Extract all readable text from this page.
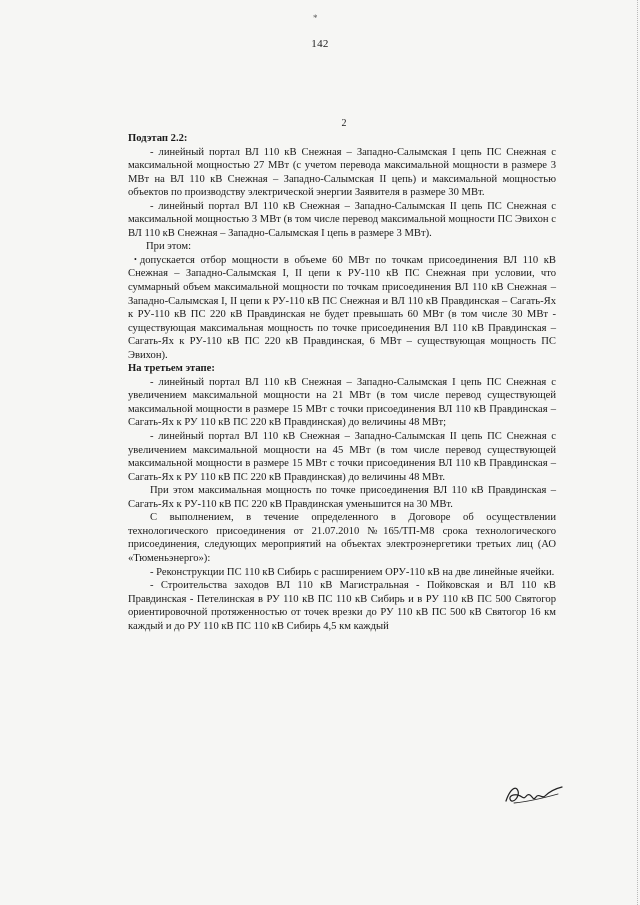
*
142
2

Подэтап 2.2:

- линейный портал ВЛ 110 кВ Снежная – Западно-Салымская I цепь ПС Снежная с максимальной мощностью 27 МВт (с учетом перевода максимальной мощности в размере 3 МВт на ВЛ 110 кВ Снежная – Западно-Салымская II цепь) и максимальной мощностью объектов по производству электрической энергии Заявителя в размере 30 МВт.

- линейный портал ВЛ 110 кВ Снежная – Западно-Салымская II цепь ПС Снежная с максимальной мощностью 3 МВт (в том числе перевод максимальной мощности ПС Эвихон с ВЛ 110 кВ Снежная – Западно-Салымская I цепь в размере 3 МВт).

При этом:

• допускается отбор мощности в объеме 60 МВт по точкам присоединения ВЛ 110 кВ Снежная – Западно-Салымская I, II цепи к РУ-110 кВ ПС Снежная при условии, что суммарный объем максимальной мощности по точкам присоединения ВЛ 110 кВ Снежная – Западно-Салымская I, II цепи к РУ-110 кВ ПС Снежная и ВЛ 110 кВ Правдинская – Сагать-Ях к РУ-110 кВ ПС 220 кВ Правдинская не будет превышать 60 МВт (в том числе 30 МВт - существующая максимальная мощность по точке присоединения ВЛ 110 кВ Правдинская – Сагать-Ях к РУ-110 кВ ПС 220 кВ Правдинская, 6 МВт – существующая мощность ПС Эвихон).

На третьем этапе:

- линейный портал ВЛ 110 кВ Снежная – Западно-Салымская I цепь ПС Снежная с увеличением максимальной мощности на 21 МВт (в том числе перевод существующей максимальной мощности в размере 15 МВт с точки присоединения ВЛ 110 кВ Правдинская – Сагать-Ях к РУ 110 кВ ПС 220 кВ Правдинская) до величины 48 МВт;

- линейный портал ВЛ 110 кВ Снежная – Западно-Салымская II цепь ПС Снежная с увеличением максимальной мощности на 45 МВт (в том числе перевод существующей максимальной мощности в размере 15 МВт с точки присоединения ВЛ 110 кВ Правдинская – Сагать-Ях к РУ 110 кВ ПС 220 кВ Правдинская) до величины 48 МВт.

При этом максимальная мощность по точке присоединения ВЛ 110 кВ Правдинская – Сагать-Ях к РУ-110 кВ ПС 220 кВ Правдинская уменьшится на 30 МВт.

С выполнением, в течение определенного в Договоре об осуществлении технологического присоединения от 21.07.2010 №165/ТП-М8 срока технологического присоединения, следующих мероприятий на объектах электроэнергетики третьих лиц (АО «Тюменьэнерго»):

- Реконструкции ПС 110 кВ Сибирь с расширением ОРУ-110 кВ на две линейные ячейки.

- Строительства заходов ВЛ 110 кВ Магистральная - Пойковская и ВЛ 110 кВ Правдинская - Петелинская в РУ 110 кВ ПС 110 кВ Сибирь и в РУ 110 кВ ПС 500 Святогор ориентировочной протяженностью от точек врезки до РУ 110 кВ ПС 500 кВ Святогор 16 км каждый и до РУ 110 кВ ПС 110 кВ Сибирь 4,5 км каждый
